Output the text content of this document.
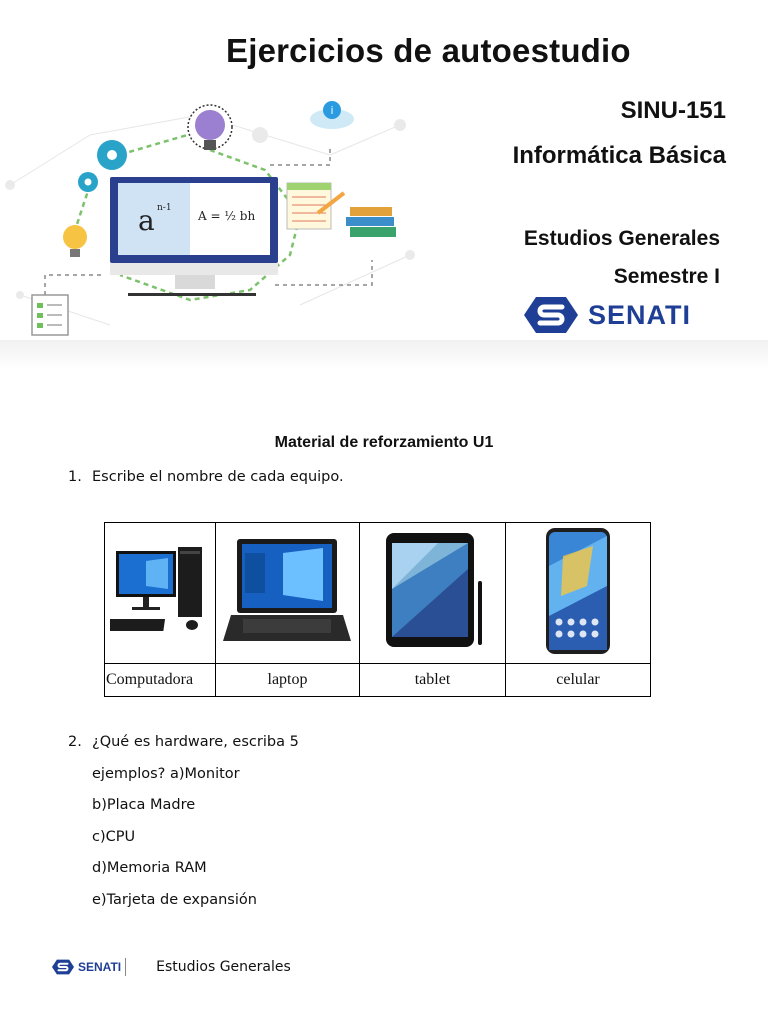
Ejercicios de autoestudio
i
a n-1
A = ½ bh
SINU-151
Informática Básica
Estudios Generales
Semestre I
SENATI
Material de reforzamiento U1
1. Escribe el nombre de cada equipo.

Computadora	laptop	tablet	celular
2. ¿Qué es hardware, escriba 5
ejemplos? a)Monitor
b)Placa Madre
c)CPU
d)Memoria RAM
e)Tarjeta de expansión
SENATI	Estudios Generales
